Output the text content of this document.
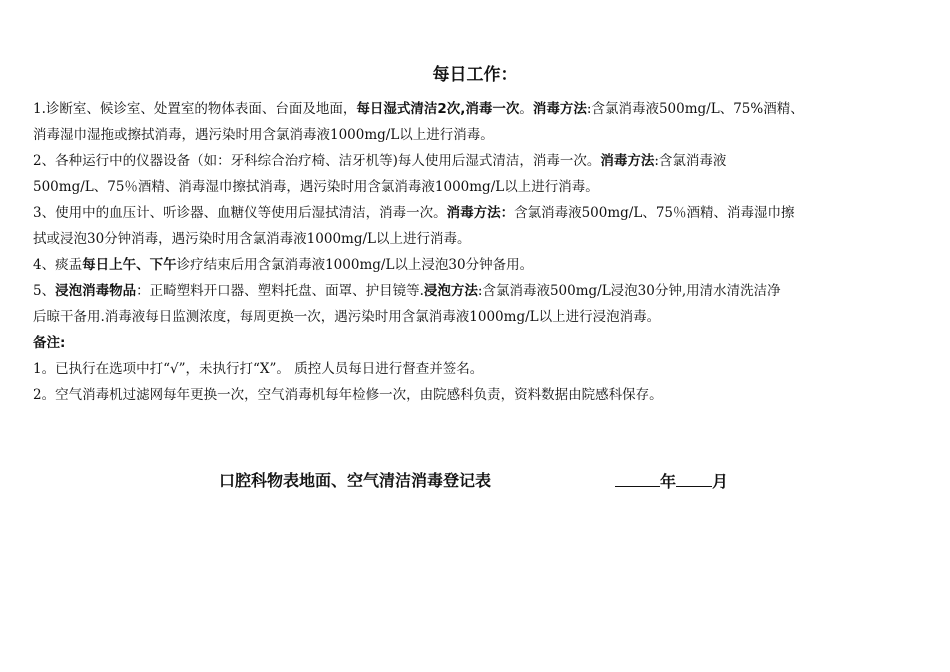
每日工作：
1.诊断室、候诊室、处置室的物体表面、台面及地面，每日湿式清洁2次,消毒一次。消毒方法:含氯消毒液500mg/L、75%酒精、
消毒湿巾湿拖或擦拭消毒，遇污染时用含氯消毒液1000mg/L以上进行消毒。
2、各种运行中的仪器设备（如：牙科综合治疗椅、洁牙机等)每人使用后湿式清洁，消毒一次。消毒方法:含氯消毒液
500mg/L、75％酒精、消毒湿巾擦拭消毒，遇污染时用含氯消毒液1000mg/L以上进行消毒。
3、使用中的血压计、听诊器、血糖仪等使用后湿拭清洁，消毒一次。消毒方法：含氯消毒液500mg/L、75％酒精、消毒湿巾擦
拭或浸泡30分钟消毒，遇污染时用含氯消毒液1000mg/L以上进行消毒。
4、痰盂每日上午、下午诊疗结束后用含氯消毒液1000mg/L以上浸泡30分钟备用。
5、浸泡消毒物品：正畸塑料开口器、塑料托盘、面罩、护目镜等.浸泡方法:含氯消毒液500mg/L浸泡30分钟,用清水清洗洁净
后晾干备用.消毒液每日监测浓度，每周更换一次，遇污染时用含氯消毒液1000mg/L以上进行浸泡消毒。
备注:
1。已执行在选项中打“√”，未执行打“X”。 质控人员每日进行督查并签名。
2。空气消毒机过滤网每年更换一次，空气消毒机每年检修一次，由院感科负责，资料数据由院感科保存。
口腔科物表地面、空气清洁消毒登记表	年 月
